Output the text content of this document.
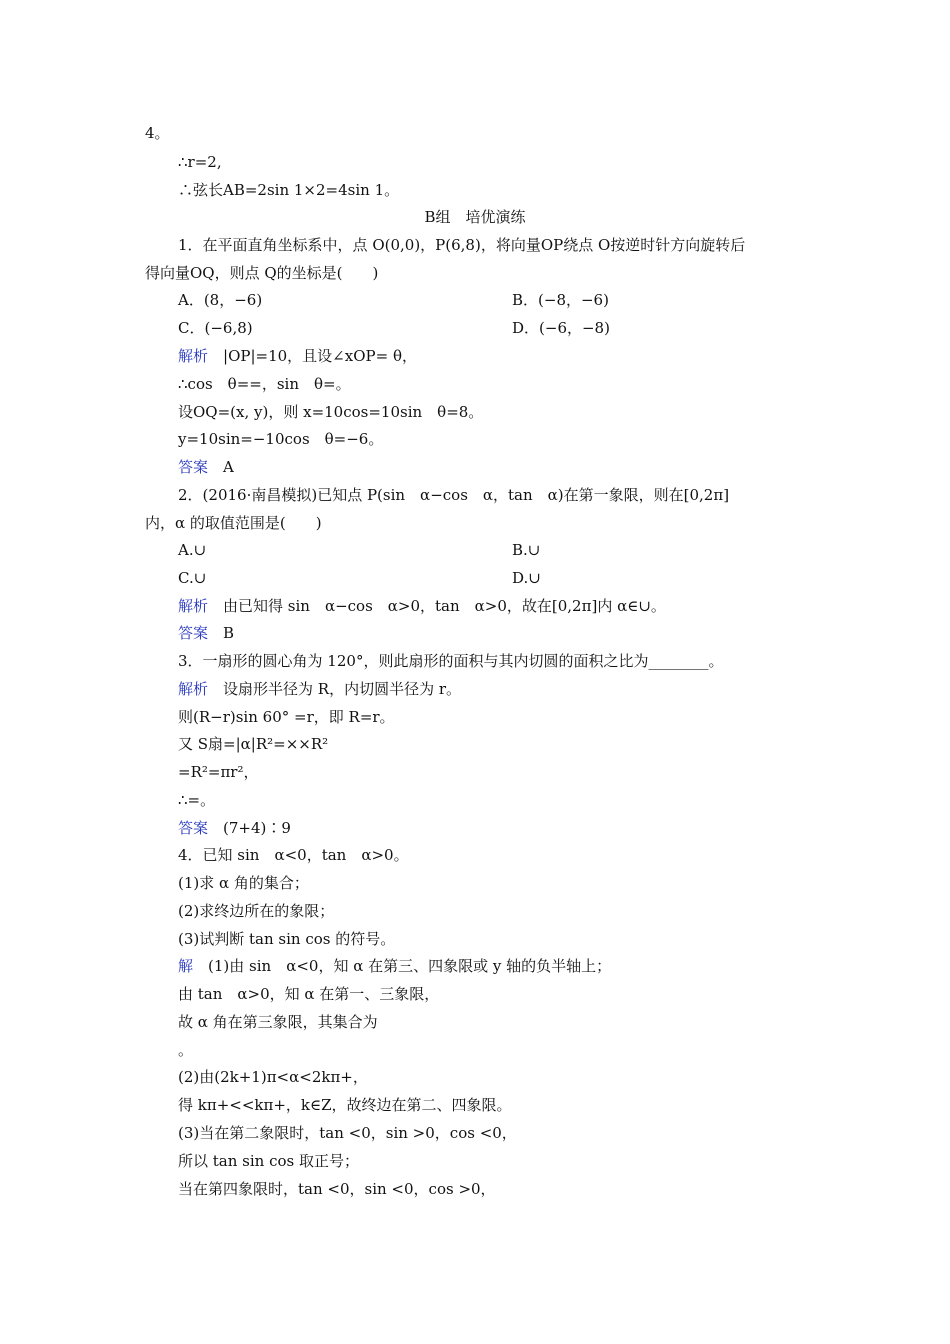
4。
∴r=2,
∴弦长AB=2sin 1×2=4sin 1。
B组　培优演练
1．在平面直角坐标系中，点 O(0,0)，P(6,8)，将向量OP绕点 O按逆时针方向旋转后
得向量OQ，则点 Q的坐标是(　　)
A．(8，−6)	B．(−8，−6)
C．(−6,8)	D．(−6，−8)
解析　 |OP|=10，且设∠xOP= θ，
∴cos　θ==，sin　θ=。
设OQ=(x, y)，则 x=10cos=10sin　θ=8。
y=10sin=−10cos　θ=−6。
答案　 A
2．(2016·南昌模拟)已知点 P(sin　α−cos　α，tan　α)在第一象限，则在[0,2π]
内，α 的取值范围是(　　)
A.∪	B.∪
C.∪	D.∪
解析　 由已知得 sin　α−cos　α>0，tan　α>0，故在[0,2π]内 α∈∪。
答案　 B
3．一扇形的圆心角为 120°，则此扇形的面积与其内切圆的面积之比为________。
解析　 设扇形半径为 R，内切圆半径为 r。
则(R−r)sin 60° =r，即 R=r。
又 S扇=|α|R²=××R²
=R²=πr²，
∴=。
答案　 (7+4)∶9
4．已知 sin　α<0，tan　α>0。
(1)求 α 角的集合；
(2)求终边所在的象限；
(3)试判断 tan sin cos 的符号。
解　 (1)由 sin　α<0，知 α 在第三、四象限或 y 轴的负半轴上；
由 tan　α>0，知 α 在第一、三象限，
故 α 角在第三象限，其集合为
。
(2)由(2k+1)π<α<2kπ+，
得 kπ+<<kπ+，k∈Z，故终边在第二、四象限。
(3)当在第二象限时，tan <0，sin >0，cos <0，
所以 tan sin cos 取正号；
当在第四象限时，tan <0，sin <0，cos >0，
